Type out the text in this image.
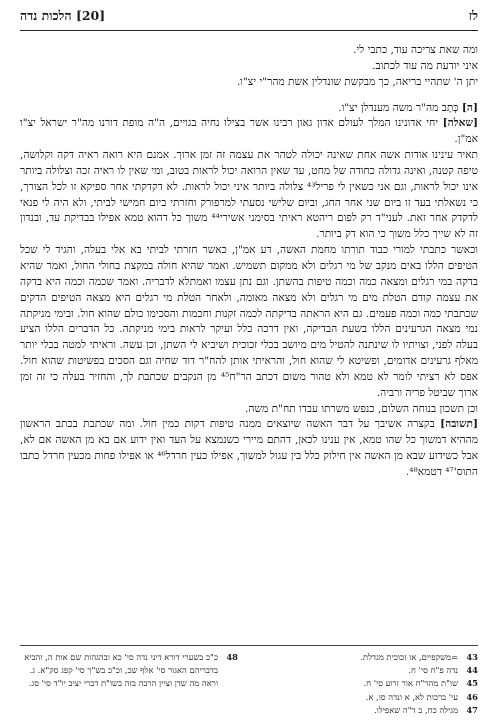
לז
[20] הלכות נדה

ומה שאת צריכה עוד, כתבי לי.

איני יודעת מה עוד לכתוב.

יתן ה' שתהיי בריאה, כך מבקשת שונדלין אשת מהר"י יצ"ו.

[ה] כְּתָב מה"ר משה מענדלן יצ"ו.

[שאלה] יחי אדונינו המלך לעולם אדון גאון רבינו אשר בצילו נחיה בגויים, ה"ה מופת דורנו מה"ר ישראל יצ"ו אמ"ן.

תאיר עינינו אודות אשה אחת שאינה יכולה לטהר את עצמה זה זמן ארוך. אמנם היא רואה ראיה דקה וקלושה, טיפה קטנה, ואינה גדולה כחודה של מחט, עד שאין הרואה יכול לראות בטוב, ומי שאין לו ראיה זכה וצלולה ביותר אינו יכול לראות, וגם אני כשאין לי פריל⁴³ צלולה ביותר איני יכול לראות. לא דקדקתי אחר ספיקא זו לכל הצורך, כי נשאלתי בעד זו ביום שני אחר החג, וביום שלישי נסעתי למרפורק וחזרתי ביום חמישי לביתי, ולא היה לי פנאי לדקדק אחר זאת. לעני"ד רק לפום ריהטא ראיתי בסימני אשירי⁴⁴ משוך כל דהוא טמא אפילו בבדיקת עד, ובנדון זה לא שייך כלל משוך כי הוא דק ביותר.

וכאשר כתבתי למורי כבוד תורתו מחמת האשה, דע אמ"ן, כאשר חזרתי לביתי בא אלי בעלה, והגיד לי שכל הטיפים הללו באים מנקב של מי רגלים ולא ממקום תשמיש. ואמר שהיא חולה במקצת בחולי החול, ואמר שהיא בדקה במי רגלים ומצאה כמה וכמה טיפות בהשתן. וגם נתן עצמו ואמתלא לדבריה. ואמר שכמה וכמה היא בדקה את עצמה קודם הטלת מים מי רגלים ולא מצאה מאומה, ולאחר הטלת מי רגלים היא מצאה הטיפים הדקים שכתבתי כמה וכמה פעמים. גם היא הראתה בדיקתה לכמה זקנות וחכמות והסכימו כולם שהוא חול. ובימי מניקתה נמי מצאה הגרעינים הללו בשעת הבדיקה, ואין דרכה כלל ועיקר לראות בימי מניקתה. כל הדברים הללו הציע בעלה לפני, וצויתיו לו שינתנה להטיל מים מיושב בכלי זכוכית ושיביא לי השתן, וכן עשה. וראיתי למטה בכלי יותר מאלף גרעינים אדומים, ופשיטא לי שהוא חול, והראיתי אותן להח"ר דוד שחיה וגם הסכים בפשיטות שהוא חול. אפס לא רציתי לומר לא טמא ולא טהור משום דכתב הר"ח⁴⁵ מן הנקבים שכתבת לך, והחזיר בעלה כי זה זמן ארוך שביטל פריה ורביה.

וכן תשכון בנוחה השלום, כנפש משרתו עבדו תח"ת משה.

[תשובה] בקצרה אשיבך על דבר האשה שיוצאים ממנה טיפות דקות כמין חול. ומה שכתבת בכתב הראשון מההיא דמשוך כל שהו טמא, אין ענינו לכאן, דהתם מיירי כשנמצא על העד ואין ידוע אם בא מן האשה אם לא, אבל כשידוע שבא מן האשה אין חילוק כלל בין עגול למשוך, אפילו כעין חרדל⁴⁶ או אפילו פחות מכעין חרדל כתבו התוס'⁴⁷ דטמא⁴⁸.

43
=משקפיים, או זכוכית מגדלת.
44
נדה פ"ח סי' ח.
45
שו"ת מהר"ח אור זרוע סי' ח.
46
עי' ברכות לא, א ונדה סו, א.
47
מגילה כח, ב ד"ה שאפילו.
48
כ"כ בשערי דורא דיני נדה סי' כא ובהגהות שם אות ה, והביא בדבריהם האגור סי' אלף שכ, וכ"כ בש"ך סי' קפג סק"א. ג. וראה מה שדן וציין הרבה בזה בשו"ת דברי יציב יו"ד סי' סג.
